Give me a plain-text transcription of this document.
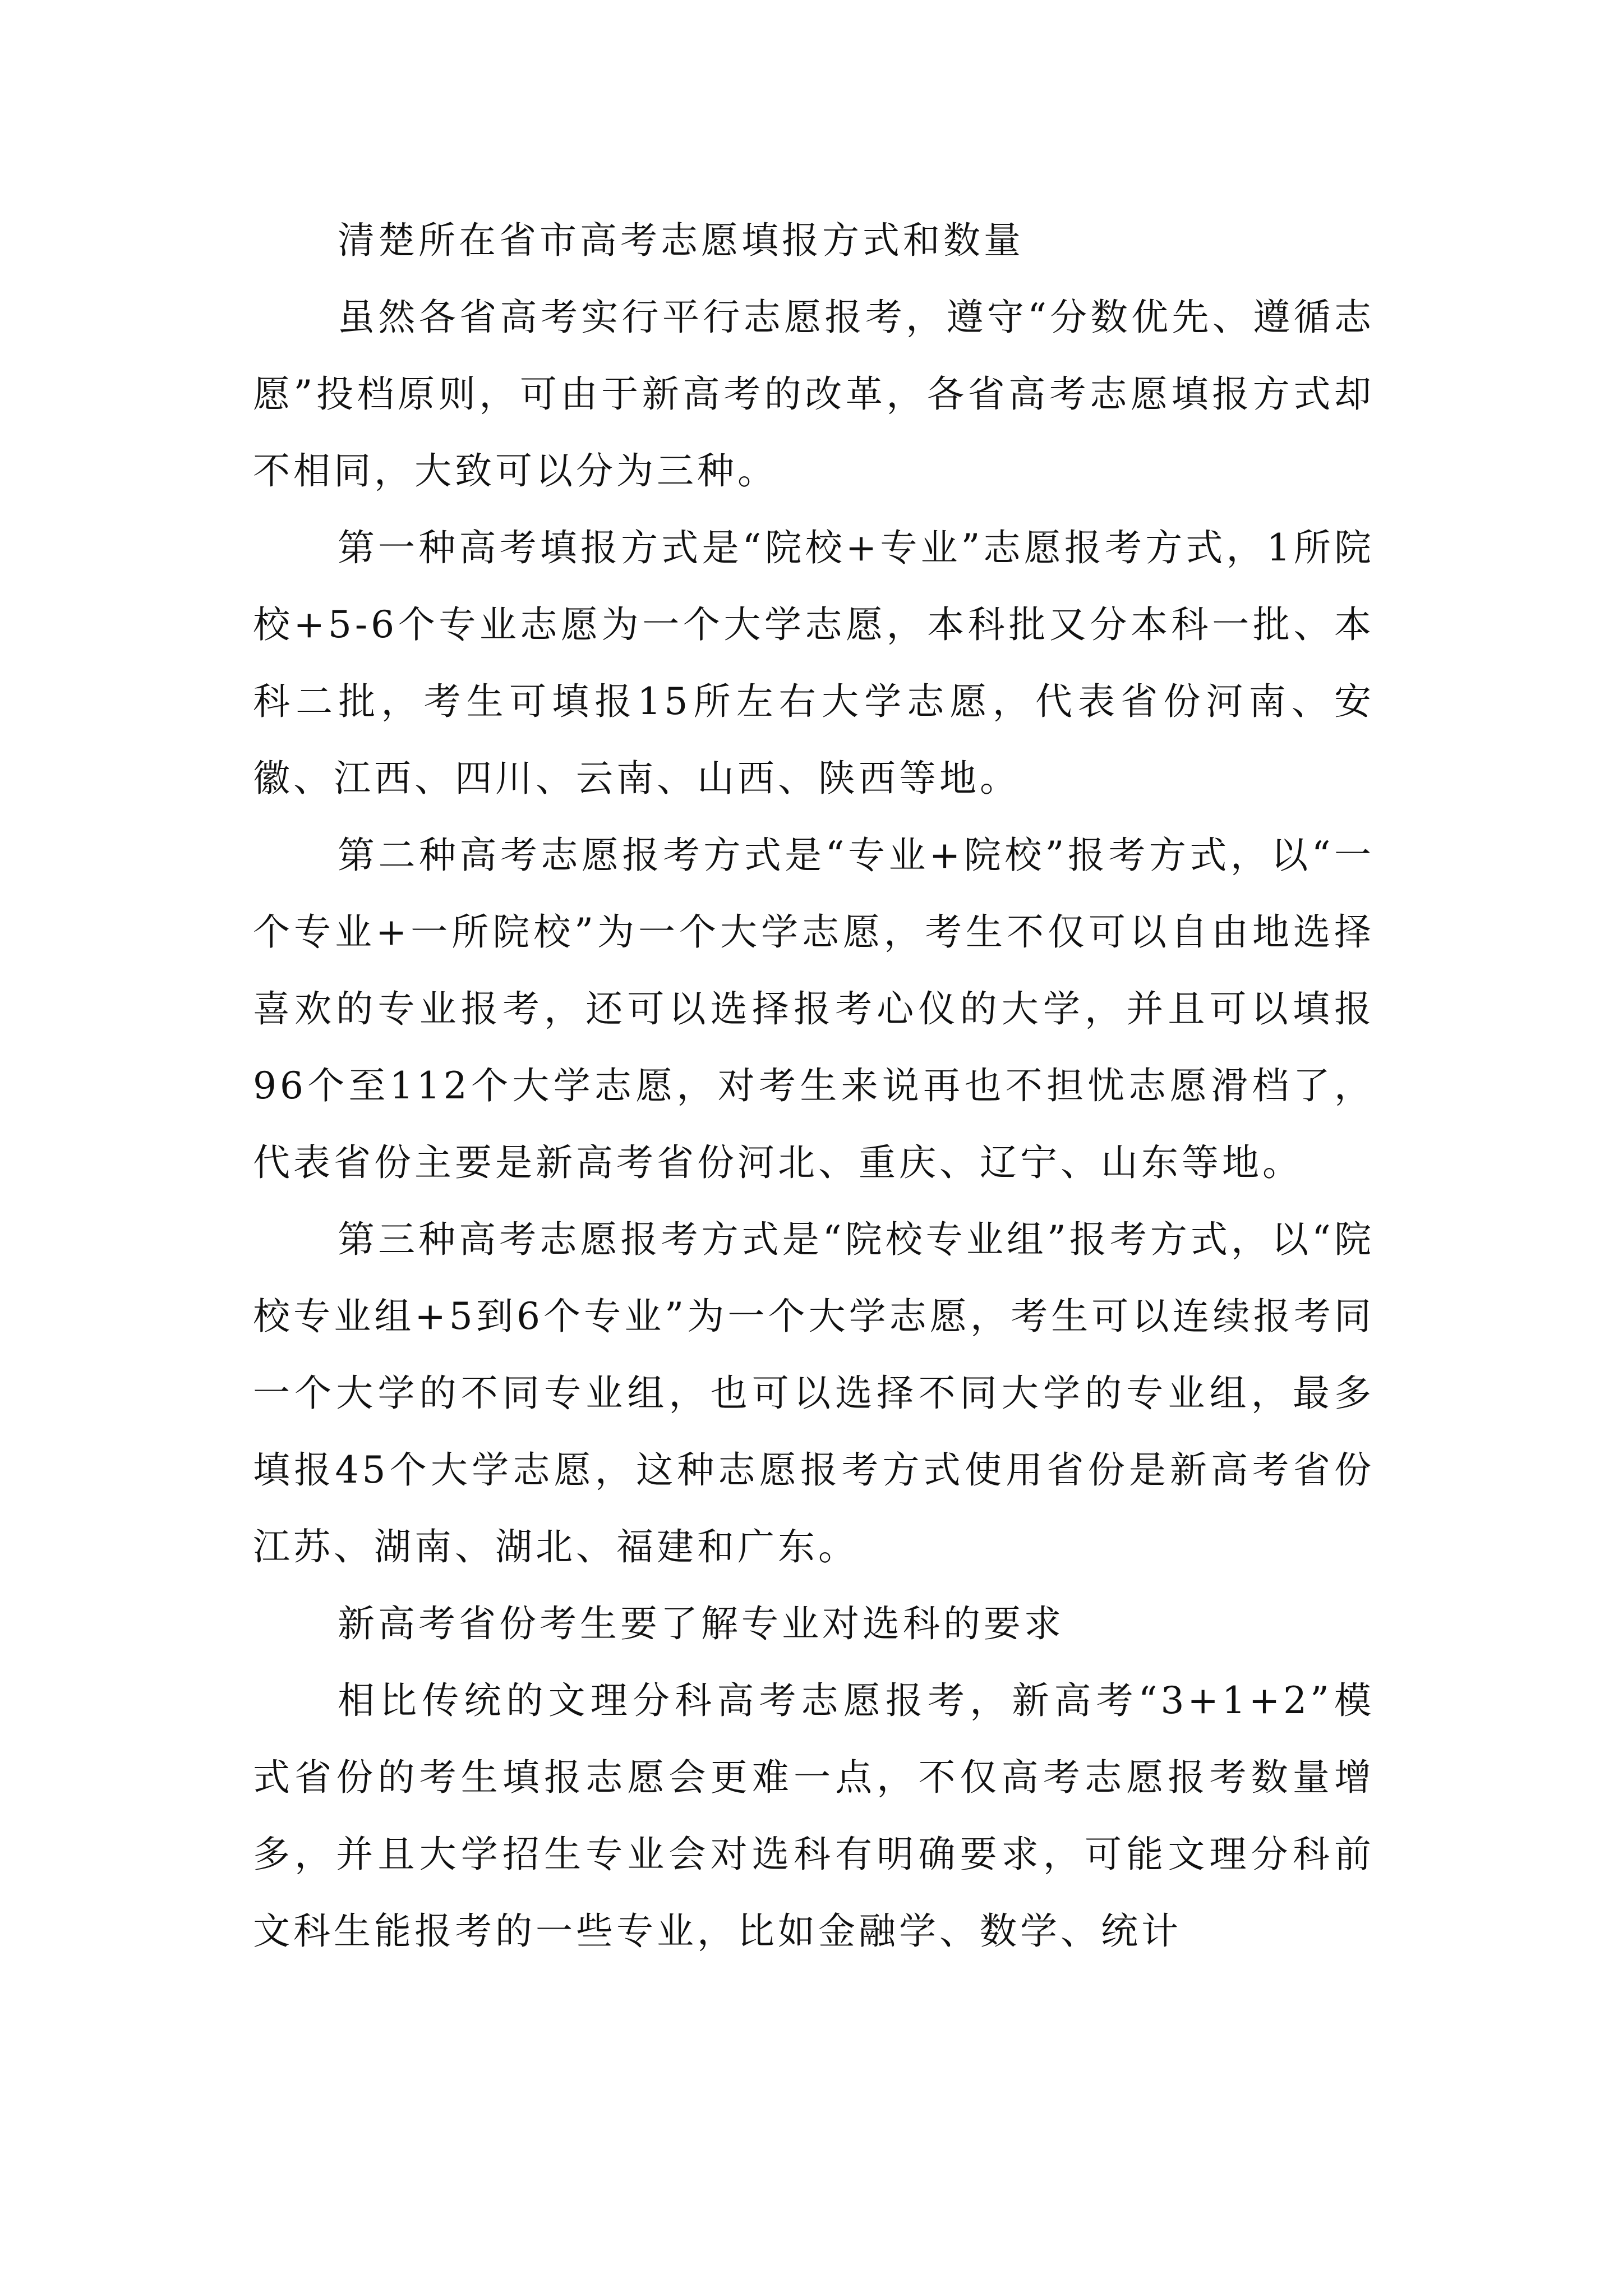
清楚所在省市高考志愿填报方式和数量

虽然各省高考实行平行志愿报考，遵守“分数优先、遵循志愿”投档原则，可由于新高考的改革，各省高考志愿填报方式却不相同，大致可以分为三种。

第一种高考填报方式是“院校+专业”志愿报考方式，1所院校+5-6个专业志愿为一个大学志愿，本科批又分本科一批、本科二批，考生可填报15所左右大学志愿，代表省份河南、安徽、江西、四川、云南、山西、陕西等地。

第二种高考志愿报考方式是“专业+院校”报考方式，以“一个专业+一所院校”为一个大学志愿，考生不仅可以自由地选择喜欢的专业报考，还可以选择报考心仪的大学，并且可以填报96个至112个大学志愿，对考生来说再也不担忧志愿滑档了，代表省份主要是新高考省份河北、重庆、辽宁、山东等地。

第三种高考志愿报考方式是“院校专业组”报考方式，以“院校专业组+5到6个专业”为一个大学志愿，考生可以连续报考同一个大学的不同专业组，也可以选择不同大学的专业组，最多填报45个大学志愿，这种志愿报考方式使用省份是新高考省份江苏、湖南、湖北、福建和广东。

新高考省份考生要了解专业对选科的要求

相比传统的文理分科高考志愿报考，新高考“3+1+2”模式省份的考生填报志愿会更难一点，不仅高考志愿报考数量增多，并且大学招生专业会对选科有明确要求，可能文理分科前文科生能报考的一些专业，比如金融学、数学、统计
